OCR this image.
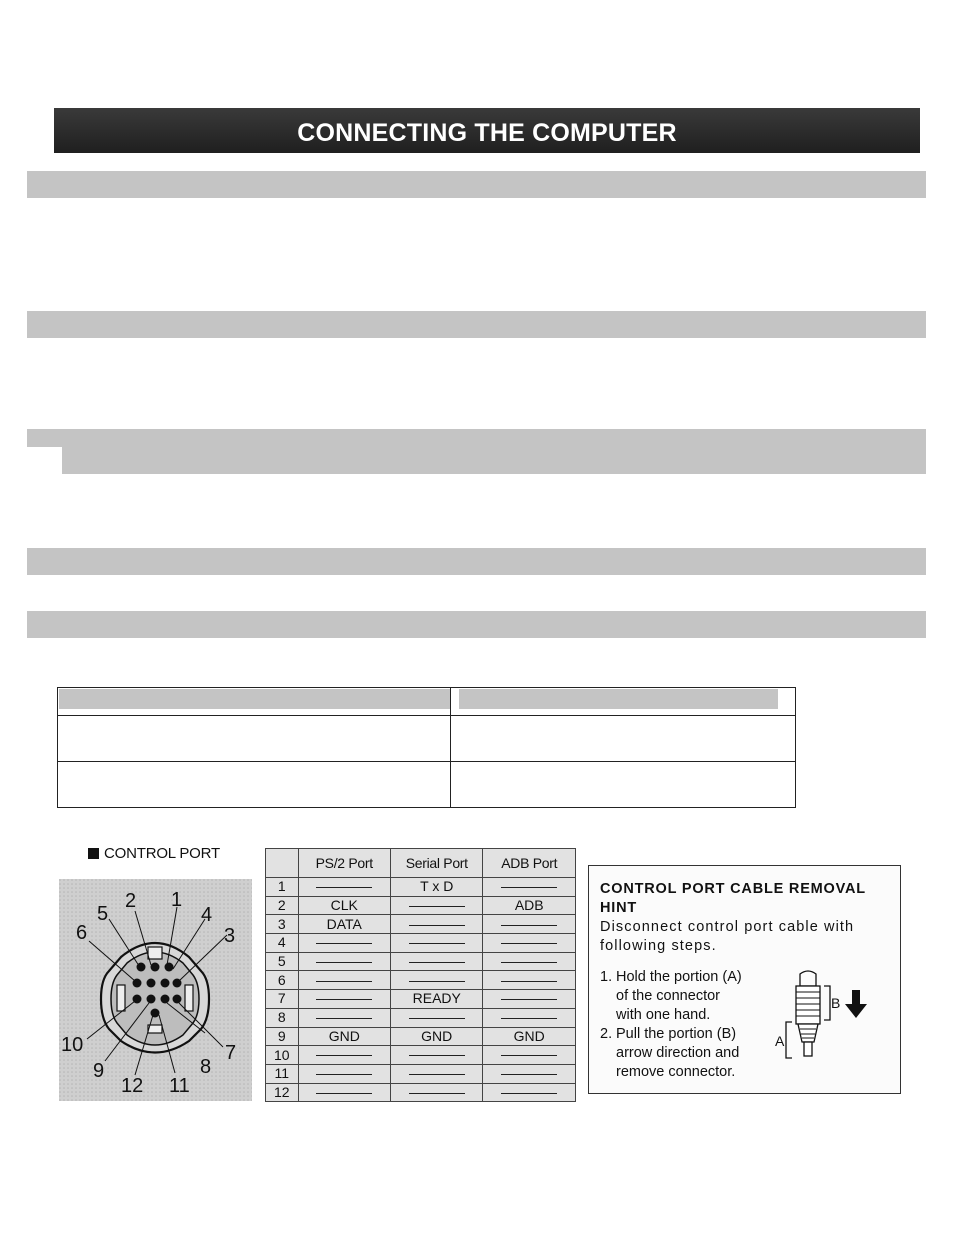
CONNECTING THE COMPUTER

CONTROL PORT
1
2
3
4
5
6
7
8
9
10
11
12
	PS/2 Port	Serial Port	ADB Port
1		T x D	
2	CLK		ADB
3	DATA		
4			
5			
6			
7		READY	
8			
9	GND	GND	GND
10			
11			
12			
CONTROL PORT CABLE REMOVAL HINT
Disconnect control port cable with following steps.
1. Hold the portion (A)
of the connector
with one hand.
2. Pull the portion (B)
arrow direction and
remove connector.
B
A
